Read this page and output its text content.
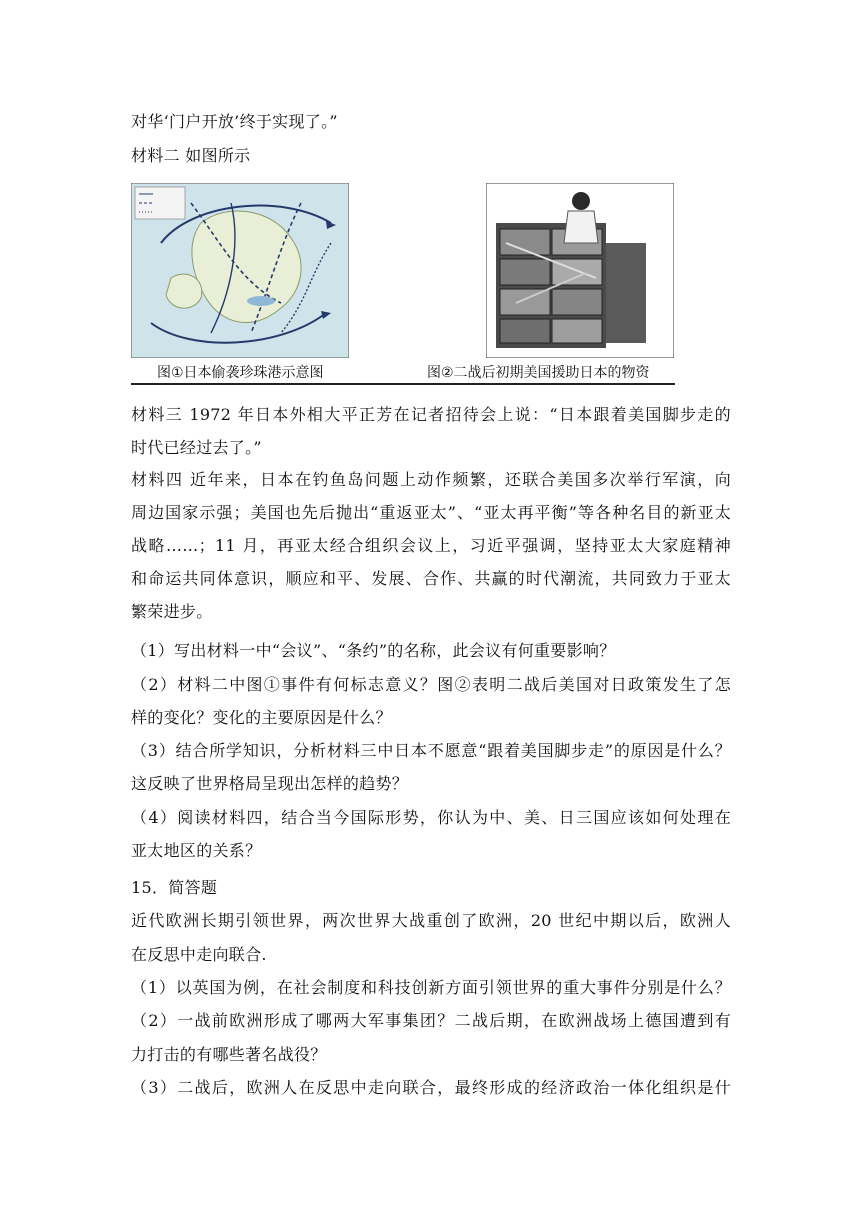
对华‘门户开放’终于实现了。”
材料二 如图所示
图①日本偷袭珍珠港示意图	图②二战后初期美国援助日本的物资
材料三 1972 年日本外相大平正芳在记者招待会上说：“日本跟着美国脚步走的
时代已经过去了。”
材料四 近年来，日本在钓鱼岛问题上动作频繁，还联合美国多次举行军演，向
周边国家示强；美国也先后抛出“重返亚太”、“亚太再平衡”等各种名目的新亚太
战略……；11 月，再亚太经合组织会议上，习近平强调，坚持亚太大家庭精神
和命运共同体意识，顺应和平、发展、合作、共赢的时代潮流，共同致力于亚太
繁荣进步。
（1）写出材料一中“会议”、“条约”的名称，此会议有何重要影响？
（2）材料二中图①事件有何标志意义？图②表明二战后美国对日政策发生了怎
样的变化？变化的主要原因是什么？
（3）结合所学知识，分析材料三中日本不愿意“跟着美国脚步走”的原因是什么？
这反映了世界格局呈现出怎样的趋势？
（4）阅读材料四，结合当今国际形势，你认为中、美、日三国应该如何处理在
亚太地区的关系？
15．简答题
近代欧洲长期引领世界，两次世界大战重创了欧洲，20 世纪中期以后，欧洲人
在反思中走向联合.
（1）以英国为例，在社会制度和科技创新方面引领世界的重大事件分别是什么？
（2）一战前欧洲形成了哪两大军事集团？二战后期，在欧洲战场上德国遭到有
力打击的有哪些著名战役？
（3）二战后，欧洲人在反思中走向联合，最终形成的经济政治一体化组织是什
